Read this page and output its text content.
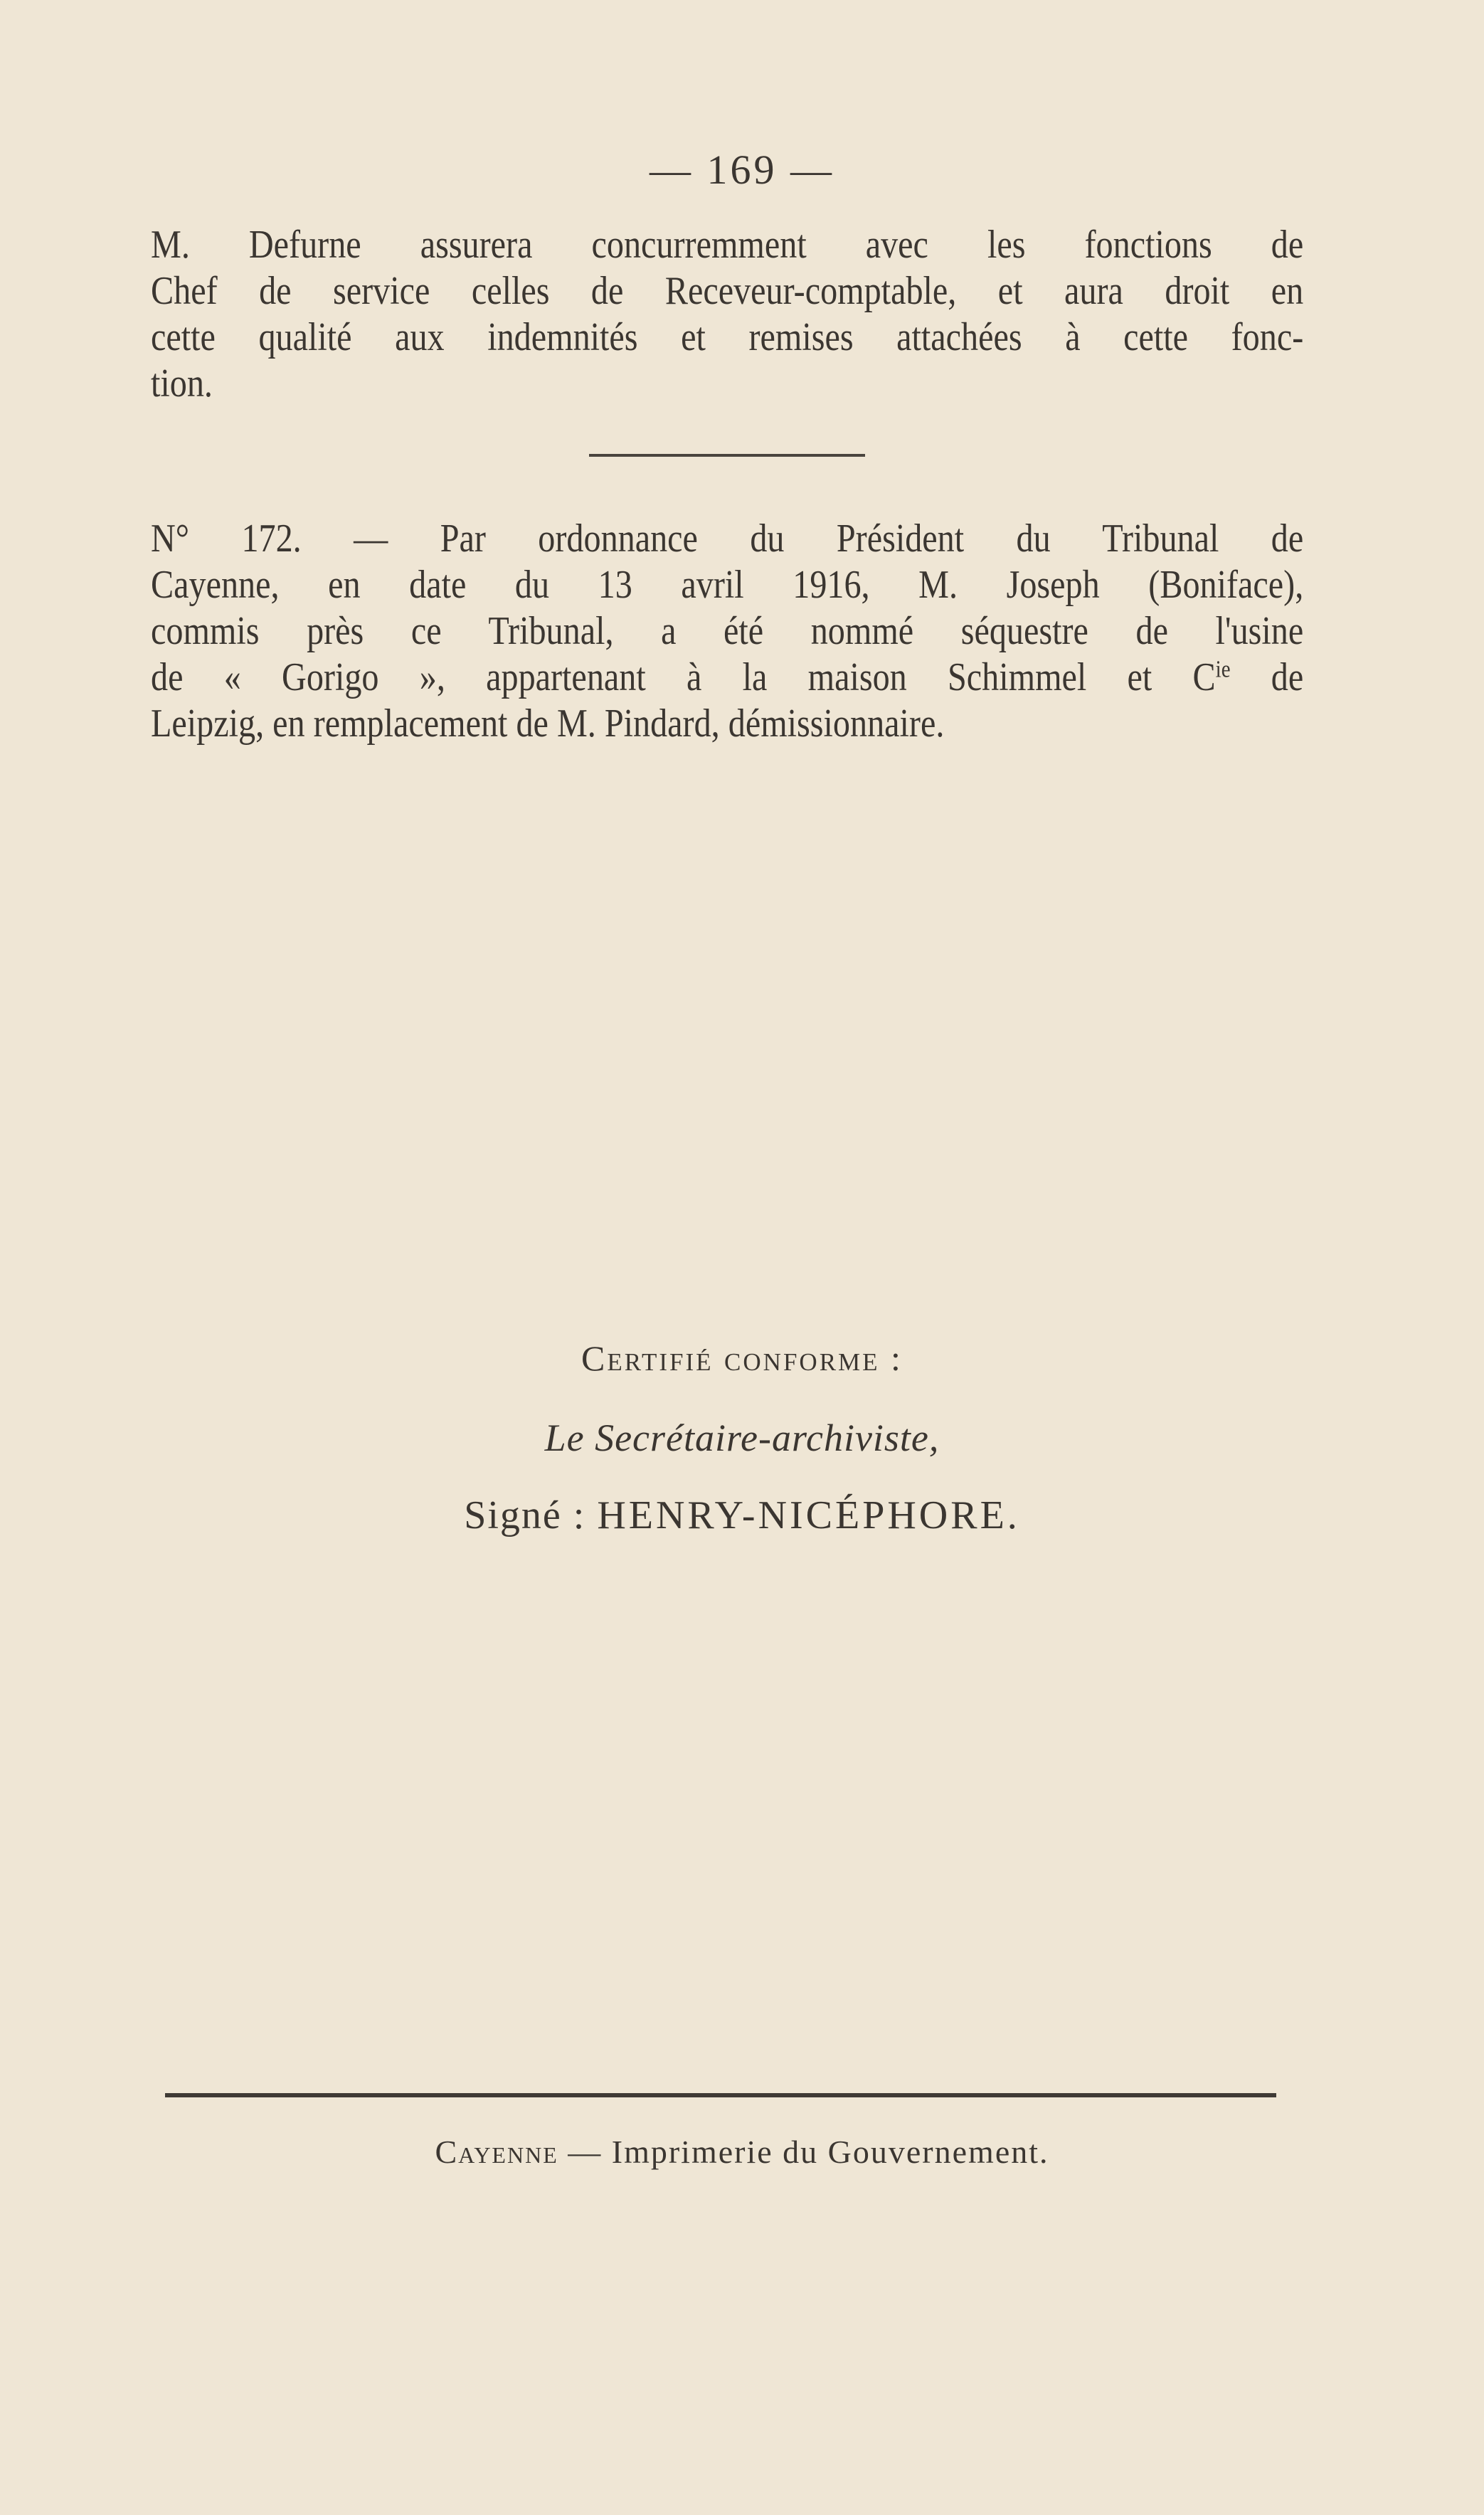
— 169 —
M. Defurne assurera concurremment avec les fonctions de
Chef de service celles de Receveur-comptable, et aura droit en
cette qualité aux indemnités et remises attachées à cette fonc-
tion.
N° 172. — Par ordonnance du Président du Tribunal de
Cayenne, en date du 13 avril 1916, M. Joseph (Boniface),
commis près ce Tribunal, a été nommé séquestre de l'usine
de « Gorigo », appartenant à la maison Schimmel et $C^{ie}$ de
Leipzig, en remplacement de M. Pindard, démissionnaire.
Certifié conforme :
Le Secrétaire-archiviste,
Signé : HENRY-NICÉPHORE.
Cayenne — Imprimerie du Gouvernement.
